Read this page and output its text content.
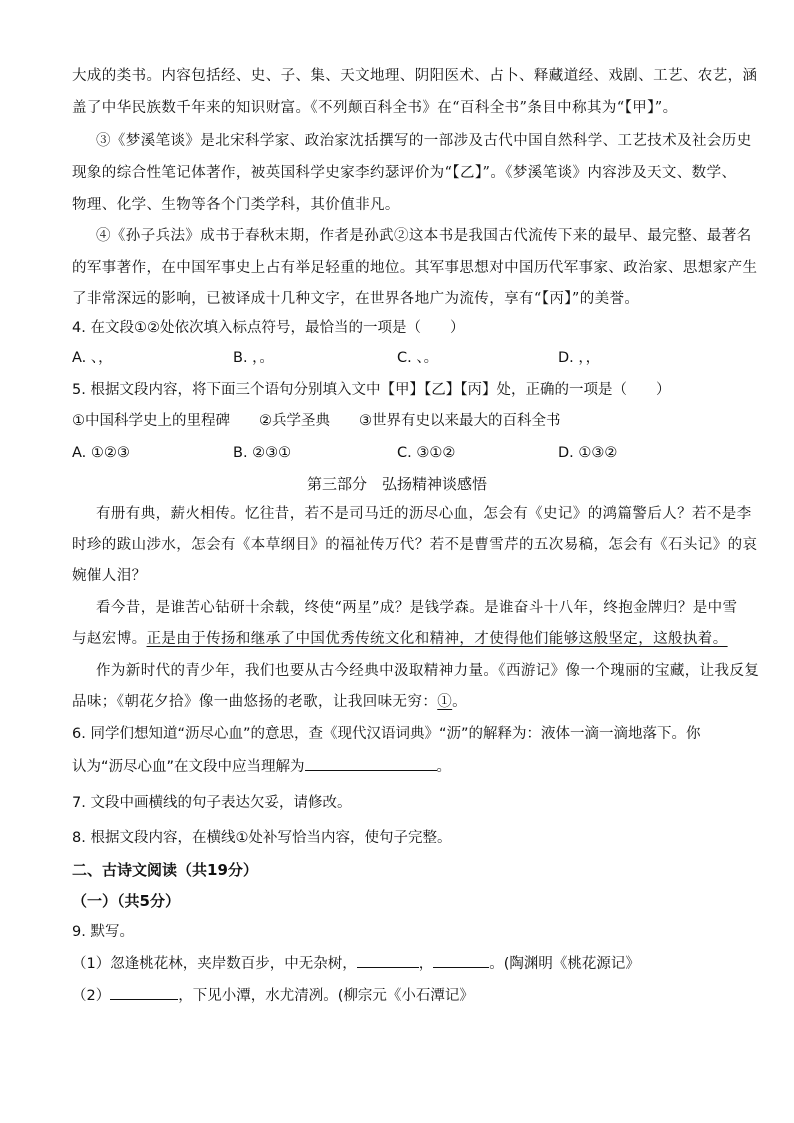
大成的类书。内容包括经、史、子、集、天文地理、阴阳医术、占卜、释藏道经、戏剧、工艺、农艺，涵
盖了中华民族数千年来的知识财富。《不列颠百科全书》在“百科全书”条目中称其为“【甲】”。
③《梦溪笔谈》是北宋科学家、政治家沈括撰写的一部涉及古代中国自然科学、工艺技术及社会历史
现象的综合性笔记体著作，被英国科学史家李约瑟评价为“【乙】”。《梦溪笔谈》内容涉及天文、数学、
物理、化学、生物等各个门类学科，其价值非凡。
④《孙子兵法》成书于春秋末期，作者是孙武②这本书是我国古代流传下来的最早、最完整、最著名
的军事著作，在中国军事史上占有举足轻重的地位。其军事思想对中国历代军事家、政治家、思想家产生
了非常深远的影响，已被译成十几种文字，在世界各地广为流传，享有“【丙】”的美誉。
4. 在文段①②处依次填入标点符号，最恰当的一项是（　　）
A. 、，	B. ，。	C. 、。	D. ，，
5. 根据文段内容，将下面三个语句分别填入文中【甲】【乙】【丙】处，正确的一项是（　　）
①中国科学史上的里程碑　　②兵学圣典　　③世界有史以来最大的百科全书
A. ①②③	B. ②③①	C. ③①②	D. ①③②
第三部分　弘扬精神谈感悟
有册有典，薪火相传。忆往昔，若不是司马迁的沥尽心血，怎会有《史记》的鸿篇警后人？若不是李
时珍的跋山涉水，怎会有《本草纲目》的福祉传万代？若不是曹雪芹的五次易稿，怎会有《石头记》的哀
婉催人泪？
看今昔，是谁苦心钻研十余载，终使“两星”成？是钱学森。是谁奋斗十八年，终抱金牌归？是中雪
与赵宏博。正是由于传扬和继承了中国优秀传统文化和精神，才使得他们能够这般坚定，这般执着。
作为新时代的青少年，我们也要从古今经典中汲取精神力量。《西游记》像一个瑰丽的宝藏，让我反复
品味；《朝花夕拾》像一曲悠扬的老歌，让我回味无穷：①。
6. 同学们想知道“沥尽心血”的意思，查《现代汉语词典》“沥”的解释为：液体一滴一滴地落下。你
认为“沥尽心血”在文段中应当理解为	。
7. 文段中画横线的句子表达欠妥，请修改。
8. 根据文段内容，在横线①处补写恰当内容，使句子完整。
二、古诗文阅读（共19分）
（一）（共5分）
9. 默写。
（1）忽逢桃花林，夹岸数百步，中无杂树，	，	。(陶渊明《桃花源记》
（2）	，下见小潭，水尤清冽。(柳宗元《小石潭记》
